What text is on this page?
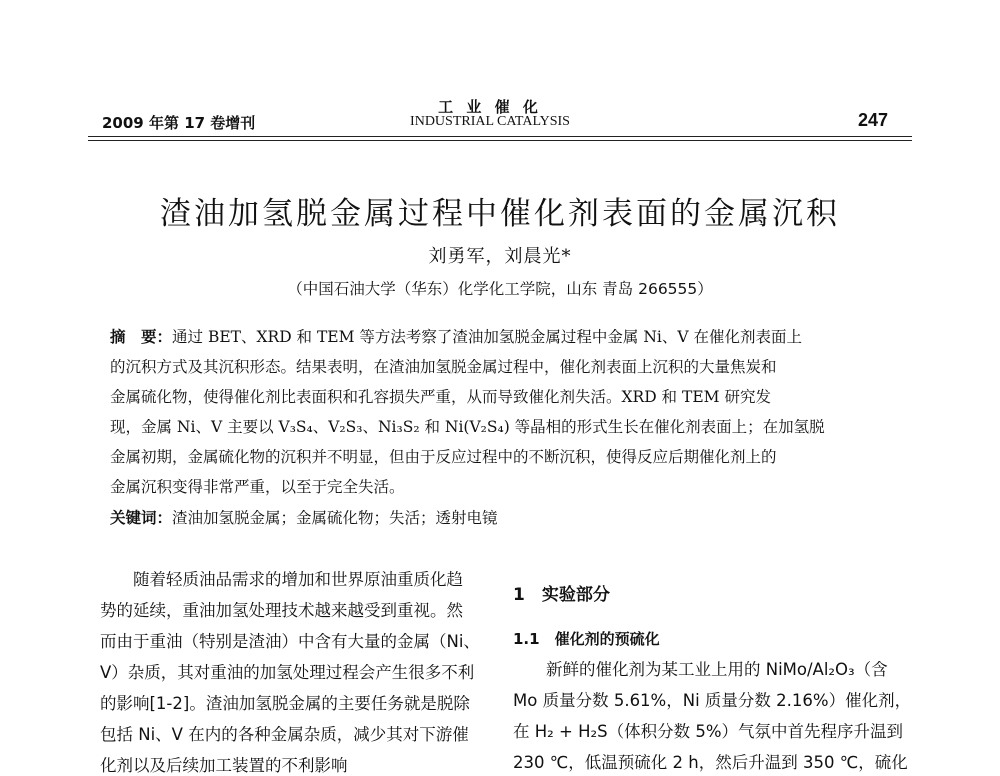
2009 年第 17 卷增刊
工 业 催 化
INDUSTRIAL CATALYSIS	247
渣油加氢脱金属过程中催化剂表面的金属沉积
刘勇军，刘晨光*
（中国石油大学（华东）化学化工学院，山东 青岛 266555）
摘　要：通过 BET、XRD 和 TEM 等方法考察了渣油加氢脱金属过程中金属 Ni、V 在催化剂表面上
的沉积方式及其沉积形态。结果表明，在渣油加氢脱金属过程中，催化剂表面上沉积的大量焦炭和
金属硫化物，使得催化剂比表面积和孔容损失严重，从而导致催化剂失活。XRD 和 TEM 研究发
现，金属 Ni、V 主要以 V₃S₄、V₂S₃、Ni₃S₂ 和 Ni(V₂S₄) 等晶相的形式生长在催化剂表面上；在加氢脱
金属初期，金属硫化物的沉积并不明显，但由于反应过程中的不断沉积，使得反应后期催化剂上的
金属沉积变得非常严重，以至于完全失活。
关键词：渣油加氢脱金属；金属硫化物；失活；透射电镜
　　随着轻质油品需求的增加和世界原油重质化趋
势的延续，重油加氢处理技术越来越受到重视。然
而由于重油（特别是渣油）中含有大量的金属（Ni、
V）杂质，其对重油的加氢处理过程会产生很多不利
的影响[1-2]。渣油加氢脱金属的主要任务就是脱除
包括 Ni、V 在内的各种金属杂质，减少其对下游催
化剂以及后续加工装置的不利影响
1　实验部分
1.1　催化剂的预硫化
　　新鲜的催化剂为某工业上用的 NiMo/Al₂O₃（含
Mo 质量分数 5.61%，Ni 质量分数 2.16%）催化剂，
在 H₂ + H₂S（体积分数 5%）气氛中首先程序升温到
230 ℃，低温预硫化 2 h，然后升温到 350 ℃，硫化
